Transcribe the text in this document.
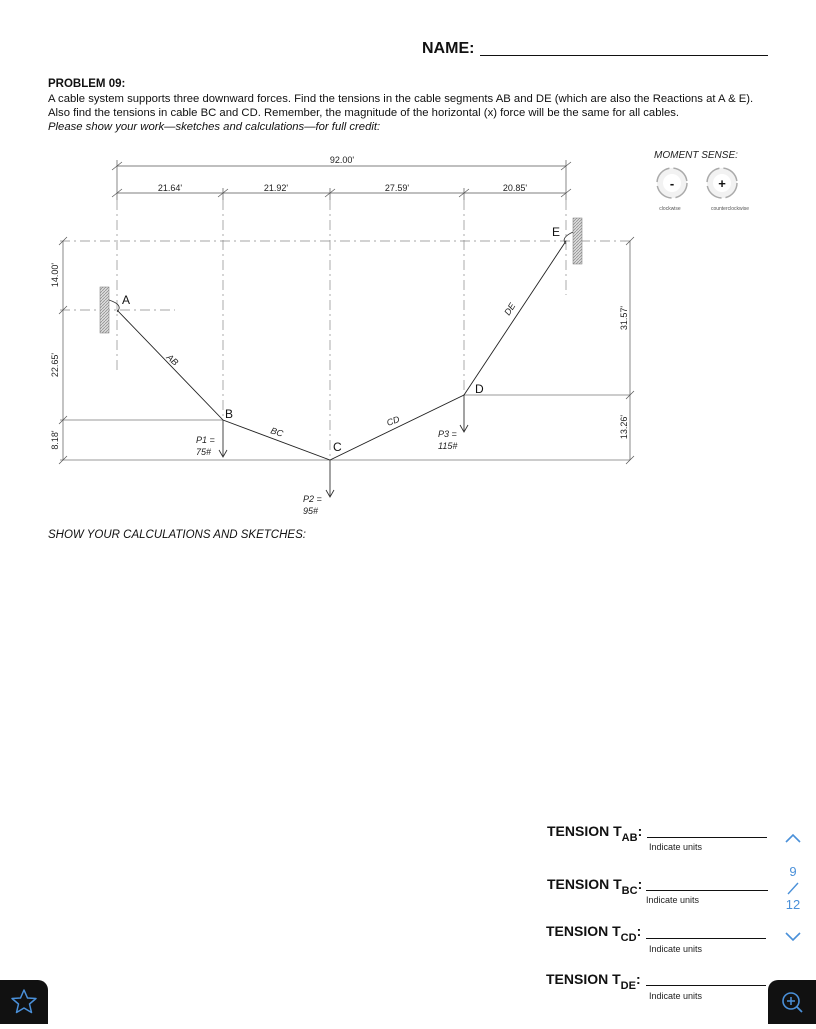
NAME:
PROBLEM 09:
A cable system supports three downward forces. Find the tensions in the cable segments AB and DE (which are also the Reactions at A & E). Also find the tensions in cable BC and CD. Remember, the magnitude of the horizontal (x) force will be the same for all cables.
Please show your work—sketches and calculations—for full credit:
92.00'
21.64'	21.92'	27.59'	20.85'
14.00'
22.65'
8.18'
31.57'
13.26'
A
B
C
D
E
AB
BC
CD
DE
P1 =
75#
P2 =
95#
P3 =
115#
MOMENT SENSE:
-	+
clockwise	counterclockwise
SHOW YOUR CALCULATIONS AND SKETCHES:
TENSION $T_{AB}$:
Indicate units
TENSION $T_{BC}$:
Indicate units
TENSION $T_{CD}$:
Indicate units
TENSION $T_{DE}$:
Indicate units
9
12
